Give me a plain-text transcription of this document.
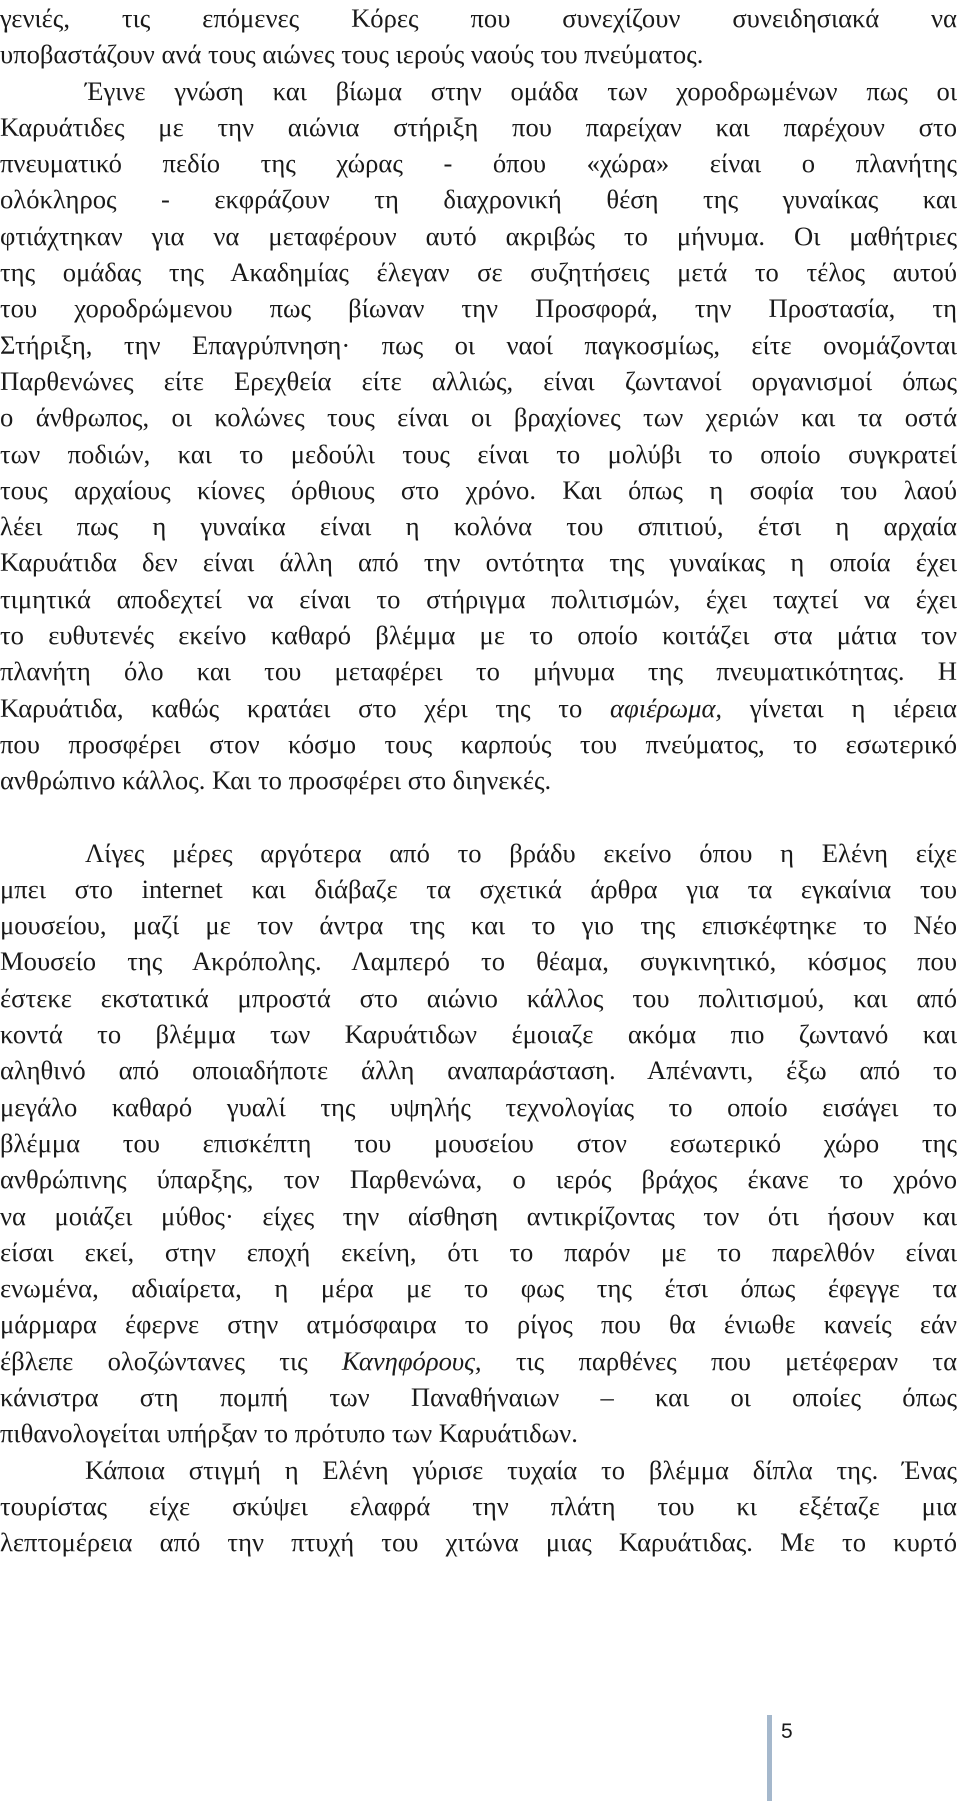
γενιές, τις επόμενες Κόρες που συνεχίζουν συνειδησιακά να
υποβαστάζουν ανά τους αιώνες τους ιερούς ναούς του πνεύματος.
Έγινε γνώση και βίωμα στην ομάδα των χοροδρωμένων πως οι
Καρυάτιδες με την αιώνια στήριξη που παρείχαν και παρέχουν στο
πνευματικό πεδίο της χώρας - όπου «χώρα» είναι ο πλανήτης
ολόκληρος - εκφράζουν τη διαχρονική θέση της γυναίκας και
φτιάχτηκαν για να μεταφέρουν αυτό ακριβώς το μήνυμα. Οι μαθήτριες
της ομάδας της Ακαδημίας έλεγαν σε συζητήσεις μετά το τέλος αυτού
του χοροδρώμενου πως βίωναν την Προσφορά, την Προστασία, τη
Στήριξη, την Επαγρύπνηση· πως οι ναοί παγκοσμίως, είτε ονομάζονται
Παρθενώνες είτε Ερεχθεία είτε αλλιώς, είναι ζωντανοί οργανισμοί όπως
ο άνθρωπος, οι κολώνες τους είναι οι βραχίονες των χεριών και τα οστά
των ποδιών, και το μεδούλι τους είναι το μολύβι το οποίο συγκρατεί
τους αρχαίους κίονες όρθιους στο χρόνο. Και όπως η σοφία του λαού
λέει πως η γυναίκα είναι η κολόνα του σπιτιού, έτσι η αρχαία
Καρυάτιδα δεν είναι άλλη από την οντότητα της γυναίκας η οποία έχει
τιμητικά αποδεχτεί να είναι το στήριγμα πολιτισμών, έχει ταχτεί να έχει
το ευθυτενές εκείνο καθαρό βλέμμα με το οποίο κοιτάζει στα μάτια τον
πλανήτη όλο και του μεταφέρει το μήνυμα της πνευματικότητας. Η
Καρυάτιδα, καθώς κρατάει στο χέρι της το αφιέρωμα, γίνεται η ιέρεια
που προσφέρει στον κόσμο τους καρπούς του πνεύματος, το εσωτερικό
ανθρώπινο κάλλος. Και το προσφέρει στο διηνεκές.
Λίγες μέρες αργότερα από το βράδυ εκείνο όπου η Ελένη είχε
μπει στο internet και διάβαζε τα σχετικά άρθρα για τα εγκαίνια του
μουσείου, μαζί με τον άντρα της και το γιο της επισκέφτηκε το Νέο
Μουσείο της Ακρόπολης. Λαμπερό το θέαμα, συγκινητικό, κόσμος που
έστεκε εκστατικά μπροστά στο αιώνιο κάλλος του πολιτισμού, και από
κοντά το βλέμμα των Καρυάτιδων έμοιαζε ακόμα πιο ζωντανό και
αληθινό από οποιαδήποτε άλλη αναπαράσταση. Απέναντι, έξω από το
μεγάλο καθαρό γυαλί της υψηλής τεχνολογίας το οποίο εισάγει το
βλέμμα του επισκέπτη του μουσείου στον εσωτερικό χώρο της
ανθρώπινης ύπαρξης, τον Παρθενώνα, ο ιερός βράχος έκανε το χρόνο
να μοιάζει μύθος· είχες την αίσθηση αντικρίζοντας τον ότι ήσουν και
είσαι εκεί, στην εποχή εκείνη, ότι το παρόν με το παρελθόν είναι
ενωμένα, αδιαίρετα, η μέρα με το φως της έτσι όπως έφεγγε τα
μάρμαρα έφερνε στην ατμόσφαιρα το ρίγος που θα ένιωθε κανείς εάν
έβλεπε ολοζώντανες τις Κανηφόρους, τις παρθένες που μετέφεραν τα
κάνιστρα στη πομπή των Παναθήναιων – και οι οποίες όπως
πιθανολογείται υπήρξαν το πρότυπο των Καρυάτιδων.
Κάποια στιγμή η Ελένη γύρισε τυχαία το βλέμμα δίπλα της. Ένας
τουρίστας είχε σκύψει ελαφρά την πλάτη του κι εξέταζε μια
λεπτομέρεια από την πτυχή του χιτώνα μιας Καρυάτιδας. Με το κυρτό
5
